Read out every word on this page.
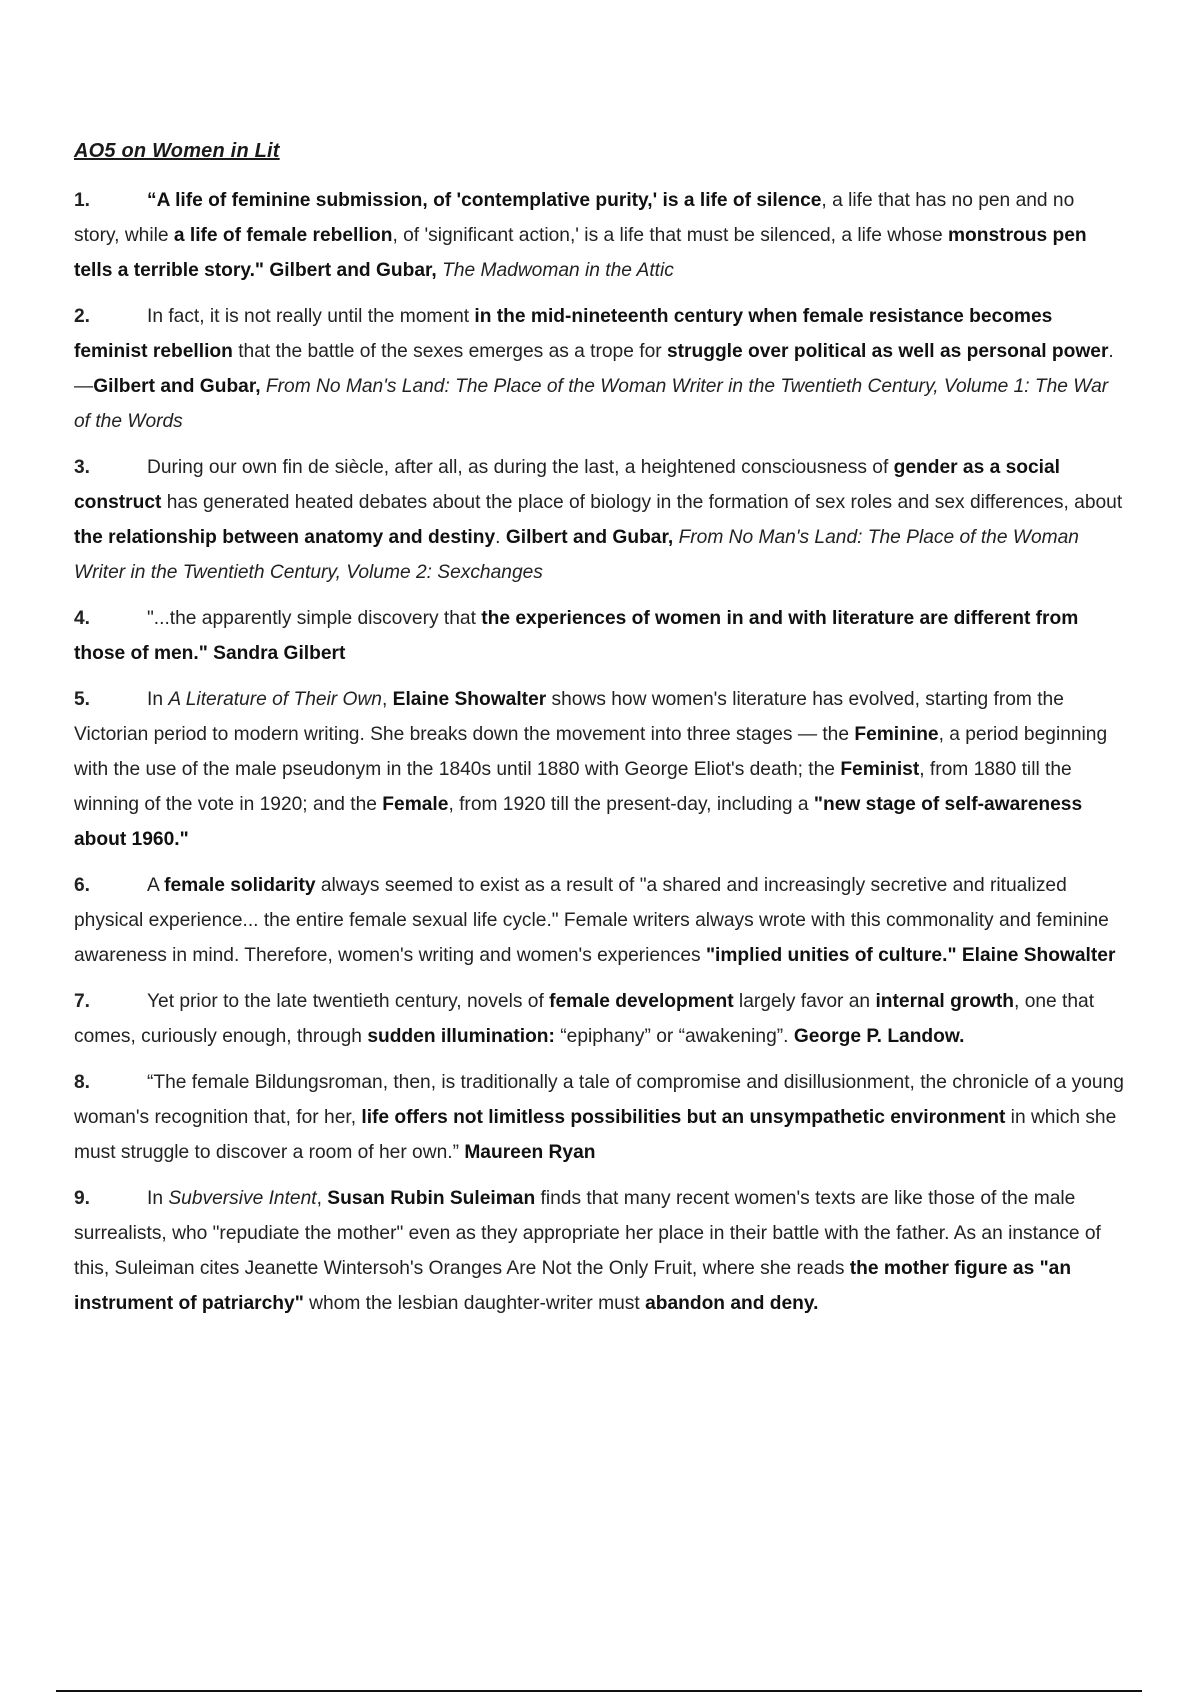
AO5 on Women in Lit

1.	“A life of feminine submission, of 'contemplative purity,' is a life of silence, a life that has no pen and no story, while a life of female rebellion, of 'significant action,' is a life that must be silenced, a life whose monstrous pen tells a terrible story." Gilbert and Gubar, The Madwoman in the Attic

2.	In fact, it is not really until the moment in the mid-nineteenth century when female resistance becomes feminist rebellion that the battle of the sexes emerges as a trope for struggle over political as well as personal power. —Gilbert and Gubar, From No Man's Land: The Place of the Woman Writer in the Twentieth Century, Volume 1: The War of the Words

3.	During our own fin de siècle, after all, as during the last, a heightened consciousness of gender as a social construct has generated heated debates about the place of biology in the formation of sex roles and sex differences, about the relationship between anatomy and destiny. Gilbert and Gubar, From No Man's Land: The Place of the Woman Writer in the Twentieth Century, Volume 2: Sexchanges

4.	"...the apparently simple discovery that the experiences of women in and with literature are different from those of men." Sandra Gilbert

5.	In A Literature of Their Own, Elaine Showalter shows how women's literature has evolved, starting from the Victorian period to modern writing. She breaks down the movement into three stages — the Feminine, a period beginning with the use of the male pseudonym in the 1840s until 1880 with George Eliot's death; the Feminist, from 1880 till the winning of the vote in 1920; and the Female, from 1920 till the present-day, including a "new stage of self-awareness about 1960."

6.	A female solidarity always seemed to exist as a result of "a shared and increasingly secretive and ritualized physical experience... the entire female sexual life cycle." Female writers always wrote with this commonality and feminine awareness in mind. Therefore, women's writing and women's experiences "implied unities of culture." Elaine Showalter

7.	Yet prior to the late twentieth century, novels of female development largely favor an internal growth, one that comes, curiously enough, through sudden illumination: “epiphany” or “awakening”. George P. Landow.

8.	“The female Bildungsroman, then, is traditionally a tale of compromise and disillusionment, the chronicle of a young woman's recognition that, for her, life offers not limitless possibilities but an unsympathetic environment in which she must struggle to discover a room of her own.” Maureen Ryan

9.	In Subversive Intent, Susan Rubin Suleiman finds that many recent women's texts are like those of the male surrealists, who "repudiate the mother" even as they appropriate her place in their battle with the father. As an instance of this, Suleiman cites Jeanette Wintersoh's Oranges Are Not the Only Fruit, where she reads the mother figure as "an instrument of patriarchy" whom the lesbian daughter-writer must abandon and deny.
